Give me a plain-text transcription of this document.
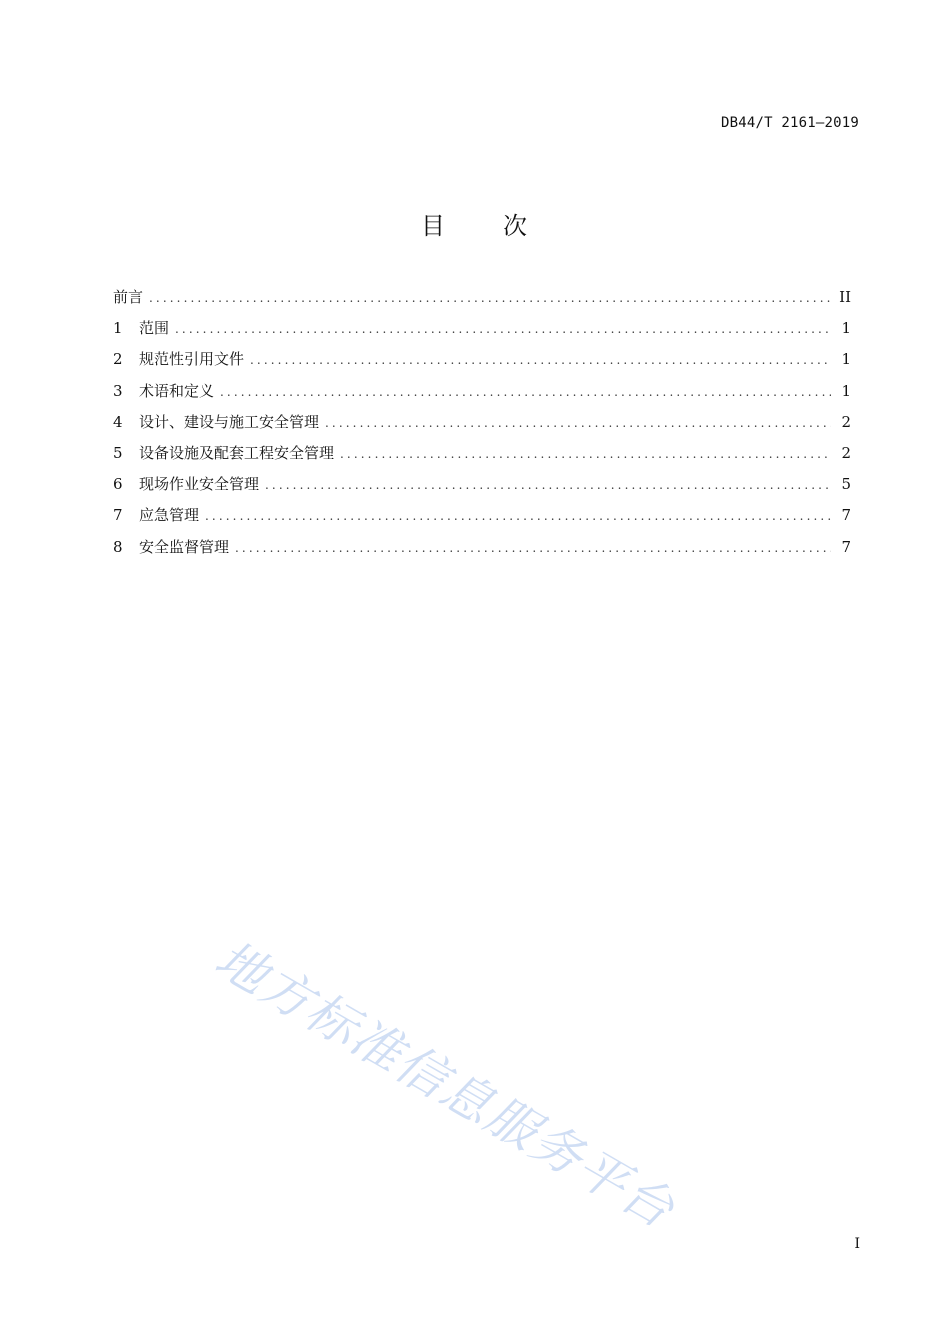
DB44/T 2161—2019
目 次
前言 .....	II
1	范围 .....	1
2	规范性引用文件 .....	1
3	术语和定义 .....	1
4	设计、建设与施工安全管理 .....	2
5	设备设施及配套工程安全管理 .....	2
6	现场作业安全管理 .....	5
7	应急管理 .....	7
8	安全监督管理 .....	7
地方标准信息服务平台
I
